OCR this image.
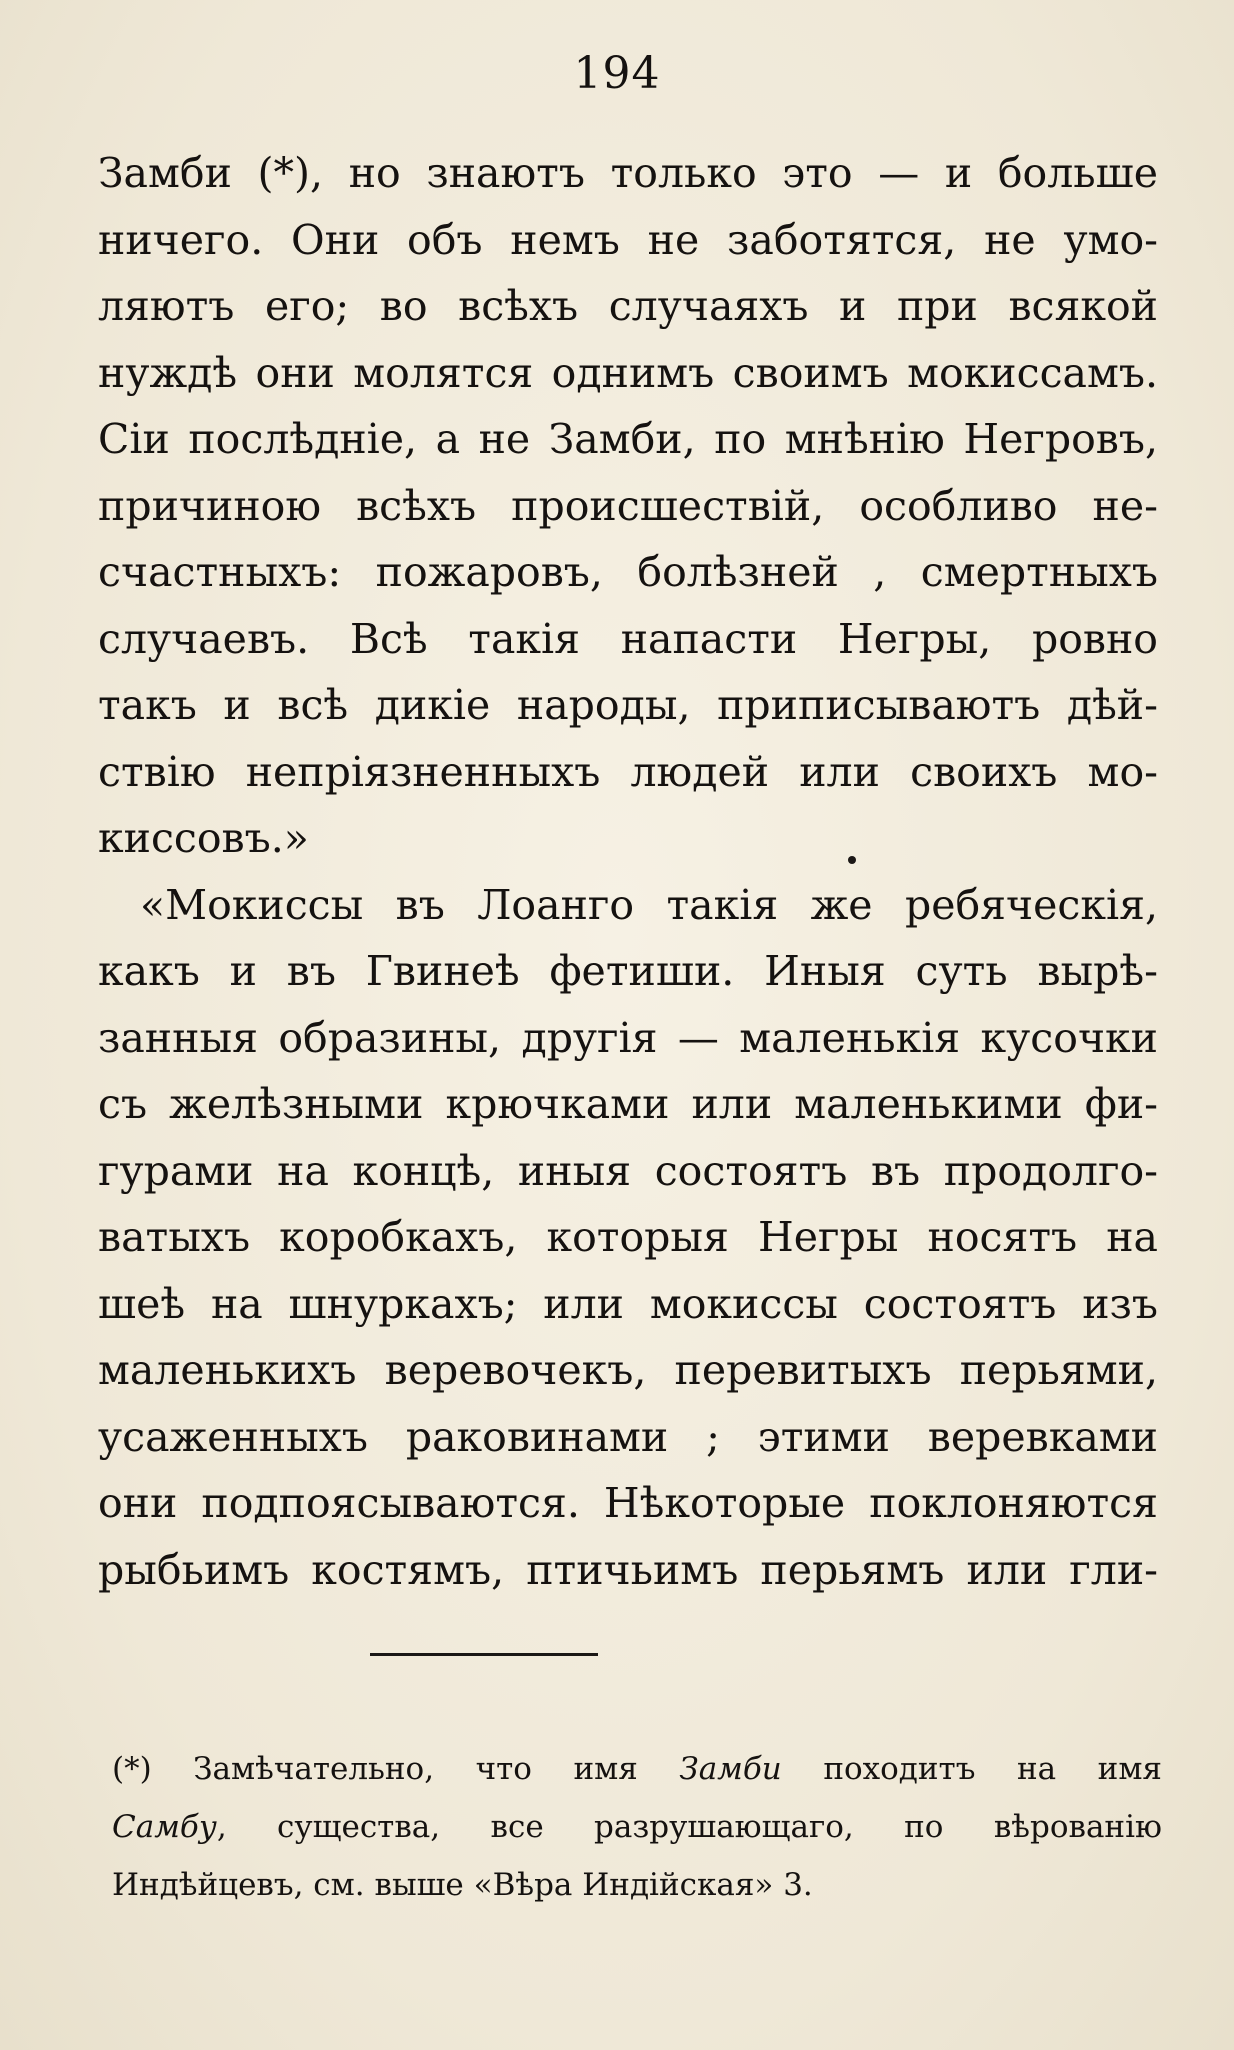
194
Замби (*), но знаютъ только это — и больше
ничего. Они объ немъ не заботятся, не умо-
ляютъ его; во всѣхъ случаяхъ и при всякой
нуждѣ они молятся однимъ своимъ мокиссамъ.
Сіи послѣдніе, а не Замби, по мнѣнію Негровъ,
причиною всѣхъ происшествій, особливо не-
счастныхъ: пожаровъ, болѣзней , смертныхъ
случаевъ. Всѣ такія напасти Негры, ровно
такъ и всѣ дикіе народы, приписываютъ дѣй-
ствію непріязненныхъ людей или своихъ мо-
киссовъ.»
«Мокиссы въ Лоанго такія же ребяческія,
какъ и въ Гвинеѣ фетиши. Иныя суть вырѣ-
занныя образины, другія — маленькія кусочки
съ желѣзными крючками или маленькими фи-
гурами на концѣ, иныя состоятъ въ продолго-
ватыхъ коробкахъ, которыя Негры носятъ на
шеѣ на шнуркахъ; или мокиссы состоятъ изъ
маленькихъ веревочекъ, перевитыхъ перьями,
усаженныхъ раковинами ; этими веревками
они подпоясываются. Нѣкоторые поклоняются
рыбьимъ костямъ, птичьимъ перьямъ или гли-
(*) Замѣчательно, что имя Замби походитъ на имя
Самбу, существа, все разрушающаго, по вѣрованію
Индѣйцевъ, см. выше «Вѣра Индійская» 3.
